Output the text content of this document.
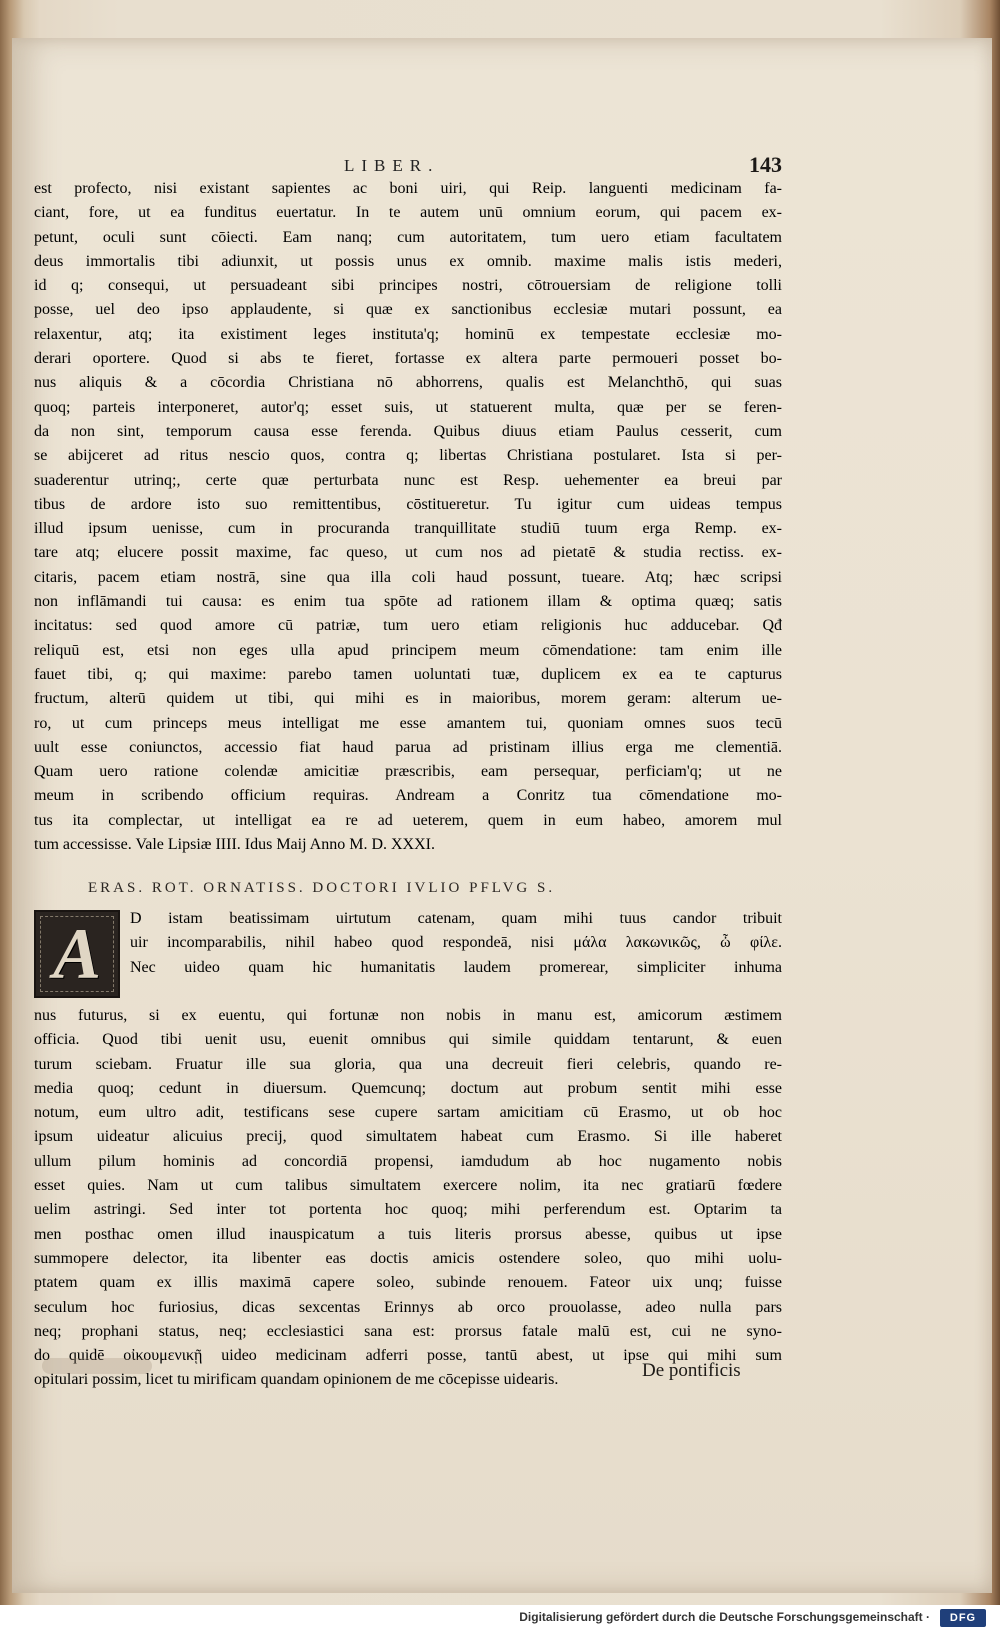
LIBER.	143
est profecto, nisi existant sapientes ac boni uiri, qui Reip. languenti medicinam fa-
ciant, fore, ut ea funditus euertatur. In te autem unū omnium eorum, qui pacem ex-
petunt, oculi sunt cōiecti. Eam nanq; cum autoritatem, tum uero etiam facultatem
deus immortalis tibi adiunxit, ut possis unus ex omnib. maxime malis istis mederi,
id q; consequi, ut persuadeant sibi principes nostri, cōtrouersiam de religione tolli
posse, uel deo ipso applaudente, si quæ ex sanctionibus ecclesiæ mutari possunt, ea
relaxentur, atq; ita existiment leges instituta'q; hominū ex tempestate ecclesiæ mo-
derari oportere. Quod si abs te fieret, fortasse ex altera parte permoueri posset bo-
nus aliquis & a cōcordia Christiana nō abhorrens, qualis est Melanchthō, qui suas
quoq; parteis interponeret, autor'q; esset suis, ut statuerent multa, quæ per se feren-
da non sint, temporum causa esse ferenda. Quibus diuus etiam Paulus cesserit, cum
se abijceret ad ritus nescio quos, contra q; libertas Christiana postularet. Ista si per-
suaderentur utrinq;, certe quæ perturbata nunc est Resp. uehementer ea breui par
tibus de ardore isto suo remittentibus, cōstitueretur. Tu igitur cum uideas tempus
illud ipsum uenisse, cum in procuranda tranquillitate studiū tuum erga Remp. ex-
tare atq; elucere possit maxime, fac queso, ut cum nos ad pietatē & studia rectiss. ex-
citaris, pacem etiam nostrā, sine qua illa coli haud possunt, tueare. Atq; hæc scripsi
non inflāmandi tui causa: es enim tua spōte ad rationem illam & optima quæq; satis
incitatus: sed quod amore cū patriæ, tum uero etiam religionis huc adducebar. Qđ
reliquū est, etsi non eges ulla apud principem meum cōmendatione: tam enim ille
fauet tibi, q; qui maxime: parebo tamen uoluntati tuæ, duplicem ex ea te capturus
fructum, alterū quidem ut tibi, qui mihi es in maioribus, morem geram: alterum ue-
ro, ut cum princeps meus intelligat me esse amantem tui, quoniam omnes suos tecū
uult esse coniunctos, accessio fiat haud parua ad pristinam illius erga me clementiā.
Quam uero ratione colendæ amicitiæ præscribis, eam persequar, perficiam'q; ut ne
meum in scribendo officium requiras. Andream a Conritz tua cōmendatione mo-
tus ita complectar, ut intelligat ea re ad ueterem, quem in eum habeo, amorem mul
tum accessisse. Vale Lipsiæ IIII. Idus Maij Anno M. D. XXXI.
ERAS. ROT. ORNATISS. DOCTORI IVLIO PFLVG S.
A D istam beatissimam uirtutum catenam, quam mihi tuus candor tribuit
uir incomparabilis, nihil habeo quod respondeā, nisi μάλα λακωνικῶς, ὦ φίλε.
Nec uideo quam hic humanitatis laudem promerear, simpliciter inhuma
nus futurus, si ex euentu, qui fortunæ non nobis in manu est, amicorum æstimem
officia. Quod tibi uenit usu, euenit omnibus qui simile quiddam tentarunt, & euen
turum sciebam. Fruatur ille sua gloria, qua una decreuit fieri celebris, quando re-
media quoq; cedunt in diuersum. Quemcunq; doctum aut probum sentit mihi esse
notum, eum ultro adit, testificans sese cupere sartam amicitiam cū Erasmo, ut ob hoc
ipsum uideatur alicuius precij, quod simultatem habeat cum Erasmo. Si ille haberet
ullum pilum hominis ad concordiā propensi, iamdudum ab hoc nugamento nobis
esset quies. Nam ut cum talibus simultatem exercere nolim, ita nec gratiarū fœdere
uelim astringi. Sed inter tot portenta hoc quoq; mihi perferendum est. Optarim ta
men posthac omen illud inauspicatum a tuis literis prorsus abesse, quibus ut ipse
summopere delector, ita libenter eas doctis amicis ostendere soleo, quo mihi uolu-
ptatem quam ex illis maximā capere soleo, subinde renouem. Fateor uix unq; fuisse
seculum hoc furiosius, dicas sexcentas Erinnys ab orco prouolasse, adeo nulla pars
neq; prophani status, neq; ecclesiastici sana est: prorsus fatale malū est, cui ne syno-
do quidē οἰκουμενικῇ uideo medicinam adferri posse, tantū abest, ut ipse qui mihi sum
opitulari possim, licet tu mirificam quandam opinionem de me cōcepisse uidearis.	De pontificis
Digitalisierung gefördert durch die Deutsche Forschungsgemeinschaft ·	DFG
